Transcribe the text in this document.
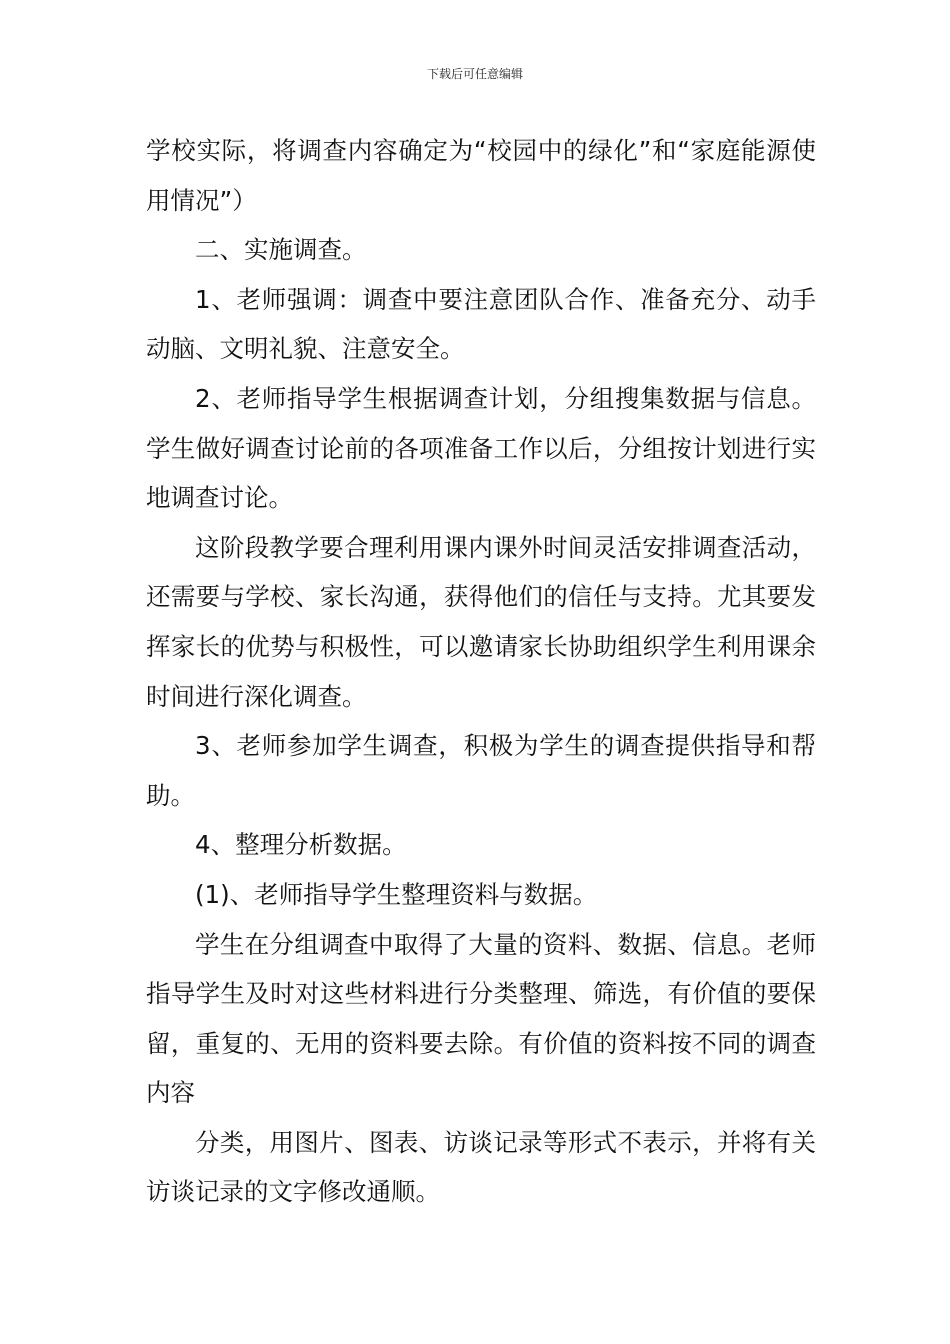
下载后可任意编辑

学校实际，将调查内容确定为“校园中的绿化”和“家庭能源使用情况”）

二、实施调查。

1、老师强调：调查中要注意团队合作、准备充分、动手动脑、文明礼貌、注意安全。

2、老师指导学生根据调查计划，分组搜集数据与信息。学生做好调查讨论前的各项准备工作以后，分组按计划进行实地调查讨论。

这阶段教学要合理利用课内课外时间灵活安排调查活动，还需要与学校、家长沟通，获得他们的信任与支持。尤其要发挥家长的优势与积极性，可以邀请家长协助组织学生利用课余时间进行深化调查。

3、老师参加学生调查，积极为学生的调查提供指导和帮助。

4、整理分析数据。

(1)、老师指导学生整理资料与数据。

学生在分组调查中取得了大量的资料、数据、信息。老师指导学生及时对这些材料进行分类整理、筛选，有价值的要保留，重复的、无用的资料要去除。有价值的资料按不同的调查内容

分类，用图片、图表、访谈记录等形式不表示，并将有关访谈记录的文字修改通顺。
